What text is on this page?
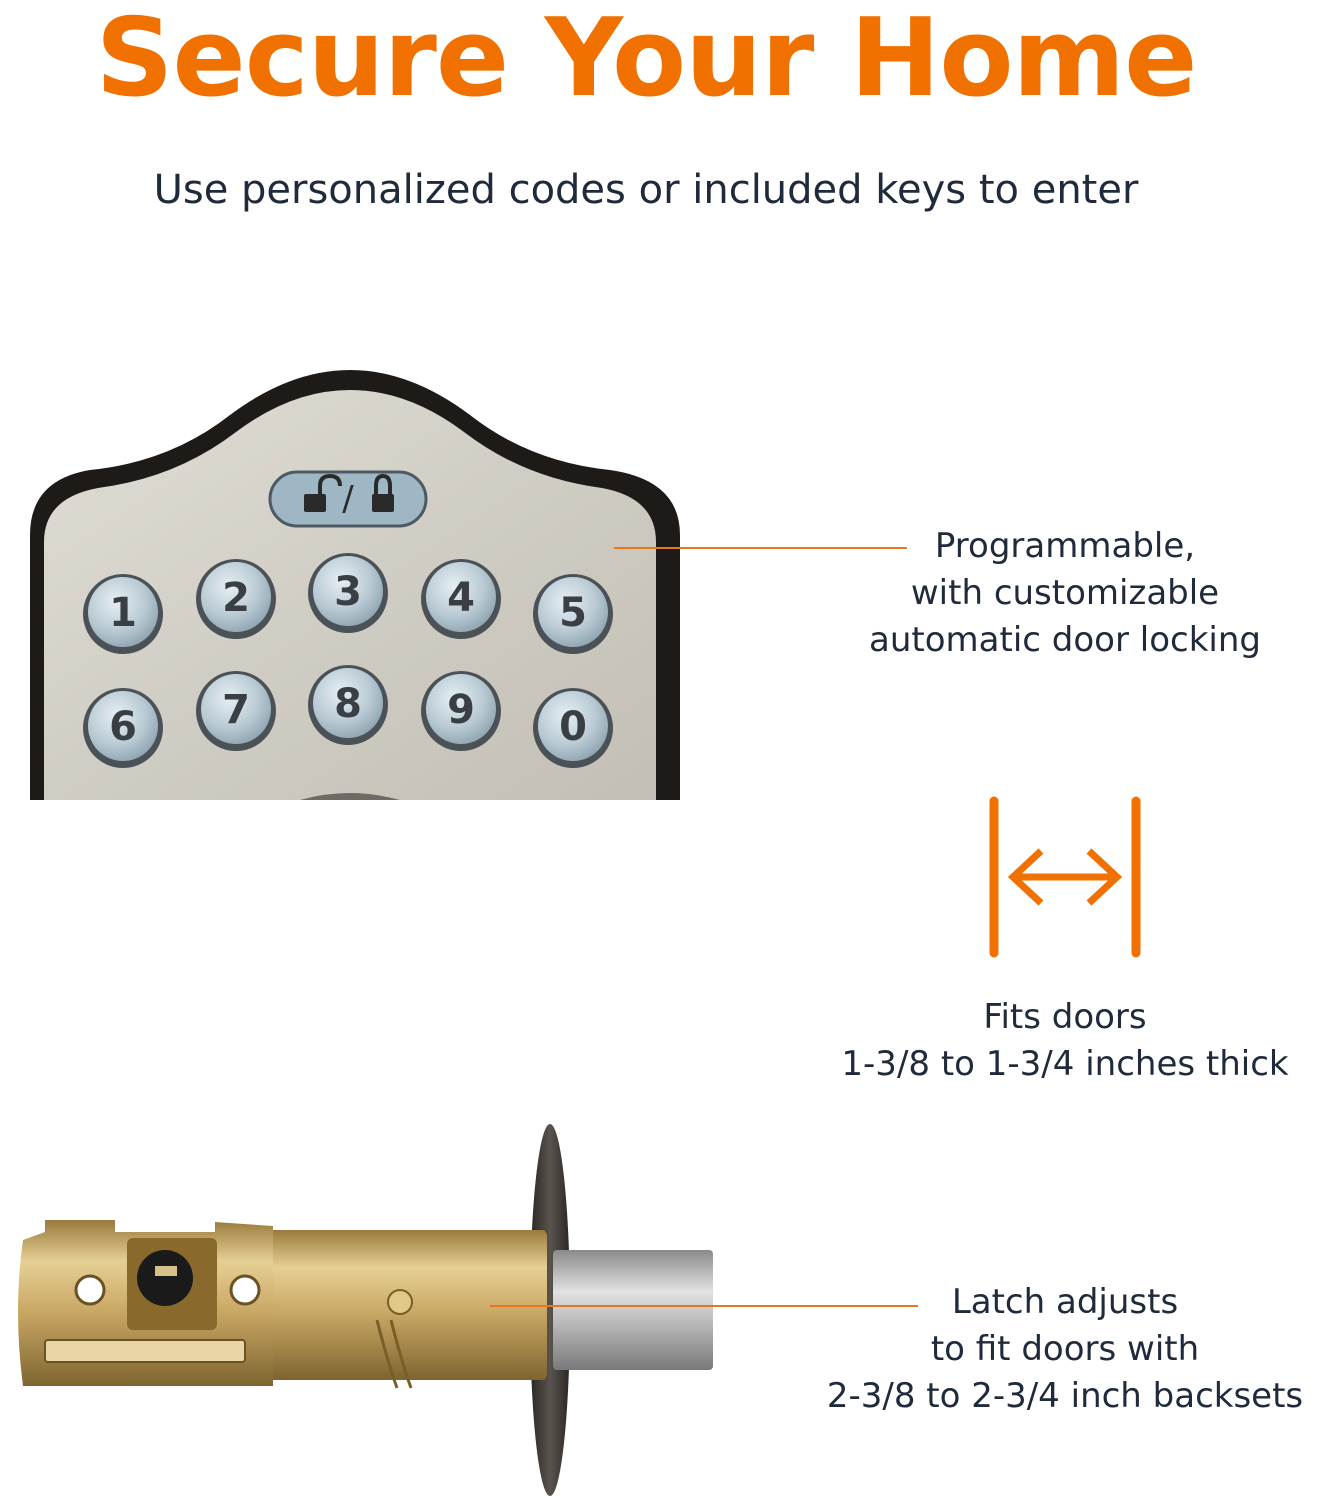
Secure Your Home

Use personalized codes or included keys to enter

/
1 2 3 4 5
6 7 8 9 0
Programmable,
with customizable
automatic door locking
Fits doors
1-3/8 to 1-3/4 inches thick
Latch adjusts
to fit doors with
2-3/8 to 2-3/4 inch backsets
